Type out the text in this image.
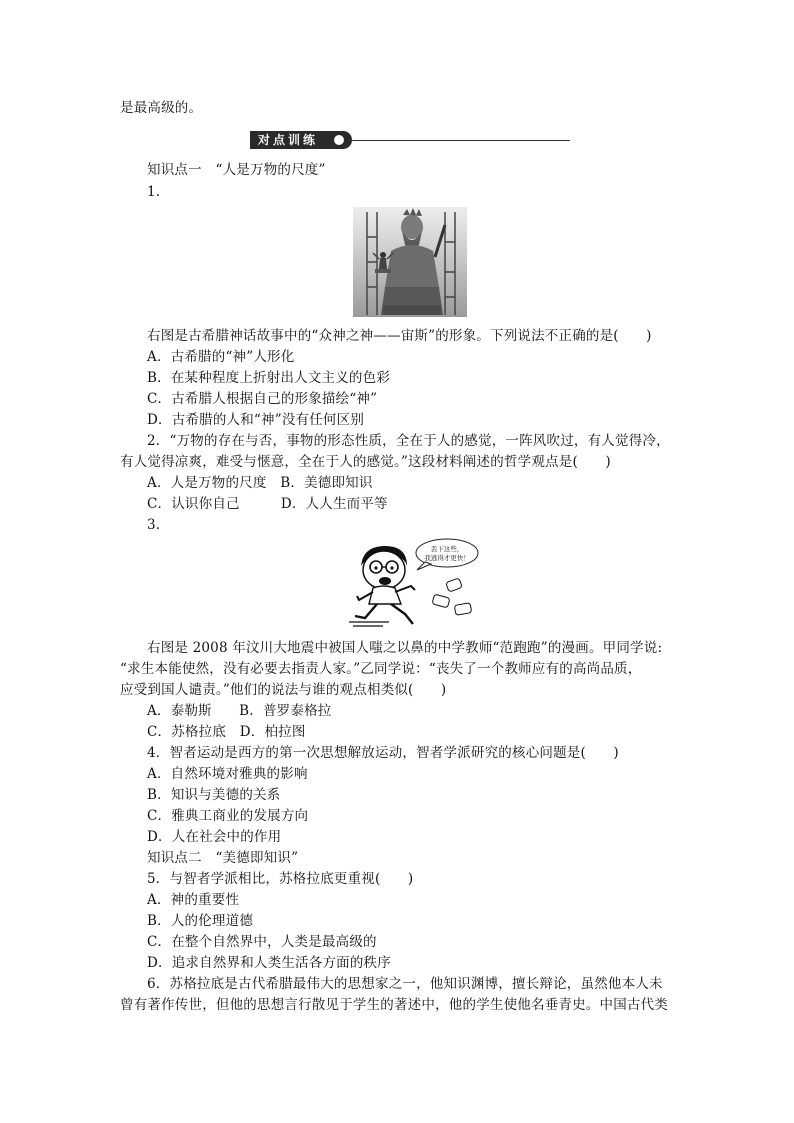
是最高级的。
对点训练
知识点一　“人是万物的尺度”
1.
右图是古希腊神话故事中的“众神之神——宙斯”的形象。下列说法不正确的是(　　)
A．古希腊的“神”人形化
B．在某种程度上折射出人文主义的色彩
C．古希腊人根据自己的形象描绘“神”
D．古希腊的人和“神”没有任何区别
2．“万物的存在与否，事物的形态性质，全在于人的感觉，一阵风吹过，有人觉得冷，
有人觉得凉爽，难受与惬意，全在于人的感觉。”这段材料阐述的哲学观点是(　　)
A．人是万物的尺度　B．美德即知识
C．认识你自己　　　D．人人生而平等
3.
丢下这些，
我逃得才更快！
右图是 2008 年汶川大地震中被国人嗤之以鼻的中学教师“范跑跑”的漫画。甲同学说:
“求生本能使然，没有必要去指责人家。”乙同学说：“丧失了一个教师应有的高尚品质，
应受到国人谴责。”他们的说法与谁的观点相类似(　　)
A．泰勒斯　　B．普罗泰格拉
C．苏格拉底　D．柏拉图
4．智者运动是西方的第一次思想解放运动，智者学派研究的核心问题是(　　)
A．自然环境对雅典的影响
B．知识与美德的关系
C．雅典工商业的发展方向
D．人在社会中的作用
知识点二　“美德即知识”
5．与智者学派相比，苏格拉底更重视(　　)
A．神的重要性
B．人的伦理道德
C．在整个自然界中，人类是最高级的
D．追求自然界和人类生活各方面的秩序
6．苏格拉底是古代希腊最伟大的思想家之一，他知识渊博，擅长辩论，虽然他本人未
曾有著作传世，但他的思想言行散见于学生的著述中，他的学生使他名垂青史。中国古代类
